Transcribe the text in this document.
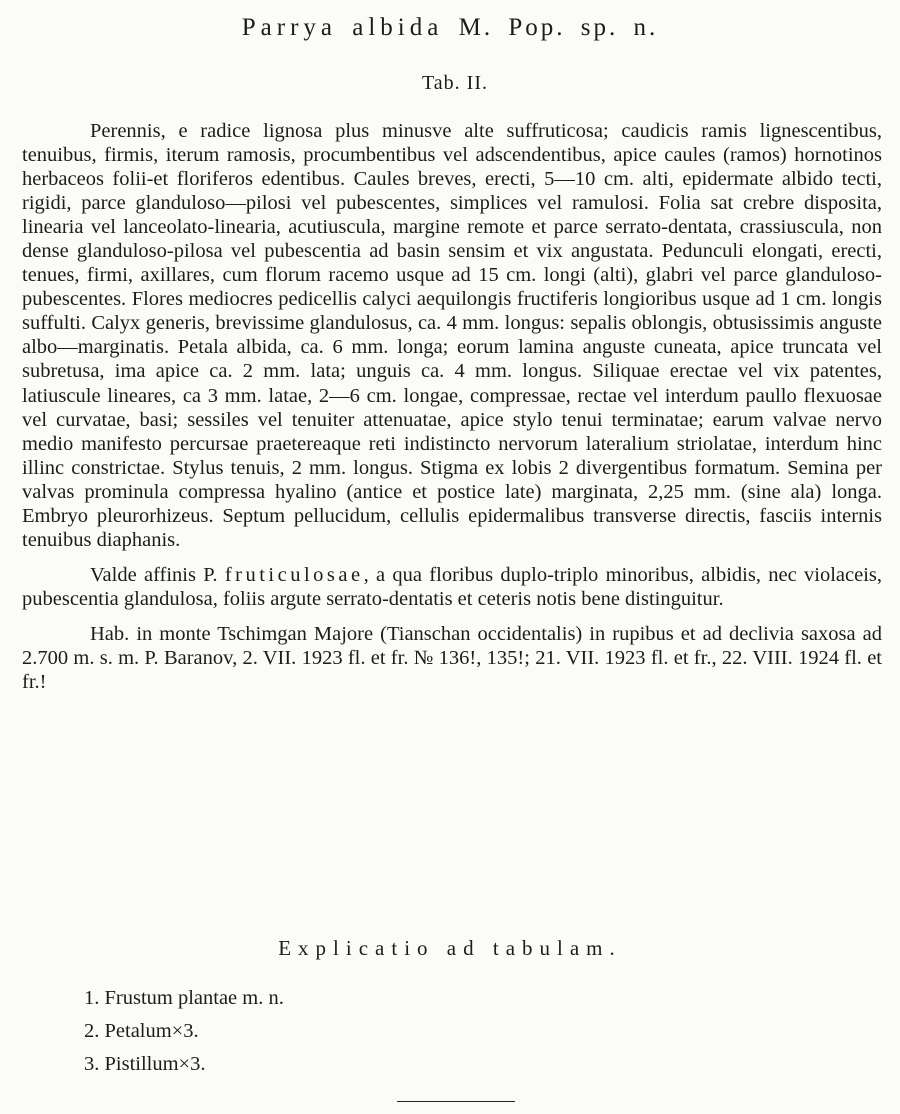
Parrya albida M. Pop. sp. n.
Tab. II.

Perennis, e radice lignosa plus minusve alte suffruticosa; caudicis ramis lignescentibus, tenuibus, firmis, iterum ramosis, procumbentibus vel adscendentibus, apice caules (ramos) hornotinos herbaceos folii-et floriferos edentibus. Caules breves, erecti, 5—10 cm. alti, epidermate albido tecti, rigidi, parce glanduloso—pilosi vel pubescentes, simplices vel ramulosi. Folia sat crebre disposita, linearia vel lanceolato-linearia, acutiuscula, margine remote et parce serrato-dentata, crassiuscula, non dense glanduloso-pilosa vel pubescentia ad basin sensim et vix angustata. Pedunculi elongati, erecti, tenues, firmi, axillares, cum florum racemo usque ad 15 cm. longi (alti), glabri vel parce glanduloso-pubescentes. Flores mediocres pedicellis calyci aequilongis fructiferis longioribus usque ad 1 cm. longis suffulti. Calyx generis, brevissime glandulosus, ca. 4 mm. longus: sepalis oblongis, obtusissimis anguste albo—marginatis. Petala albida, ca. 6 mm. longa; eorum lamina anguste cuneata, apice truncata vel subretusa, ima apice ca. 2 mm. lata; unguis ca. 4 mm. longus. Siliquae erectae vel vix patentes, latiuscule lineares, ca 3 mm. latae, 2—6 cm. longae, compressae, rectae vel interdum paullo flexuosae vel curvatae, basi; sessiles vel tenuiter attenuatae, apice stylo tenui terminatae; earum valvae nervo medio manifesto percursae praetereaque reti indistincto nervorum lateralium striolatae, interdum hinc illinc constrictae. Stylus tenuis, 2 mm. longus. Stigma ex lobis 2 divergentibus formatum. Semina per valvas prominula compressa hyalino (antice et postice late) marginata, 2,25 mm. (sine ala) longa. Embryo pleurorhizeus. Septum pellucidum, cellulis epidermalibus transverse directis, fasciis internis tenuibus diaphanis.

Valde affinis P. fruticulosae, a qua floribus duplo-triplo minoribus, albidis, nec violaceis, pubescentia glandulosa, foliis argute serrato-dentatis et ceteris notis bene distinguitur.

Hab. in monte Tschimgan Majore (Tianschan occidentalis) in rupibus et ad declivia saxosa ad 2.700 m. s. m. P. Baranov, 2. VII. 1923 fl. et fr. № 136!, 135!; 21. VII. 1923 fl. et fr., 22. VIII. 1924 fl. et fr.!

Explicatio ad tabulam.
1. Frustum plantae m. n.
2. Petalum×3.
3. Pistillum×3.
